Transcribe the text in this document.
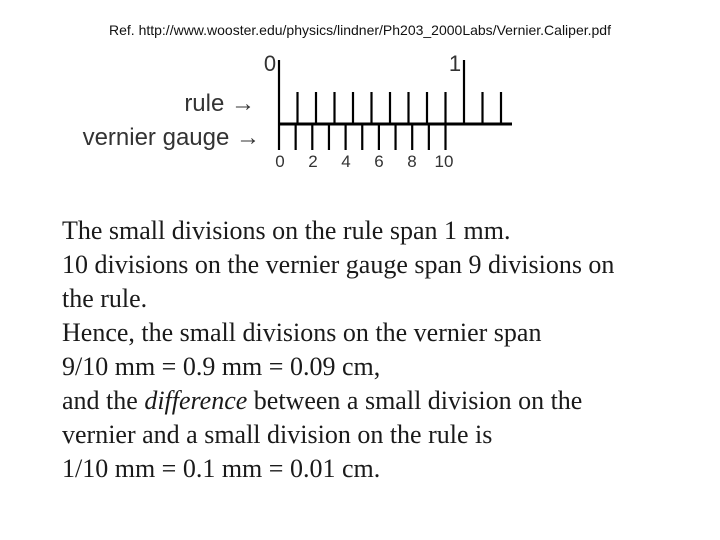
Ref. http://www.wooster.edu/physics/lindner/Ph203_2000Labs/Vernier.Caliper.pdf
rule →
vernier gauge →
0	1
0 2 4 6 8 10

The small divisions on the rule span 1 mm.

10 divisions on the vernier gauge span 9 divisions on

the rule.

Hence, the small divisions on the vernier span

9/10 mm = 0.9 mm = 0.09 cm,

and the difference between a small division on the

vernier and a small division on the rule is

1/10 mm = 0.1 mm = 0.01 cm.
